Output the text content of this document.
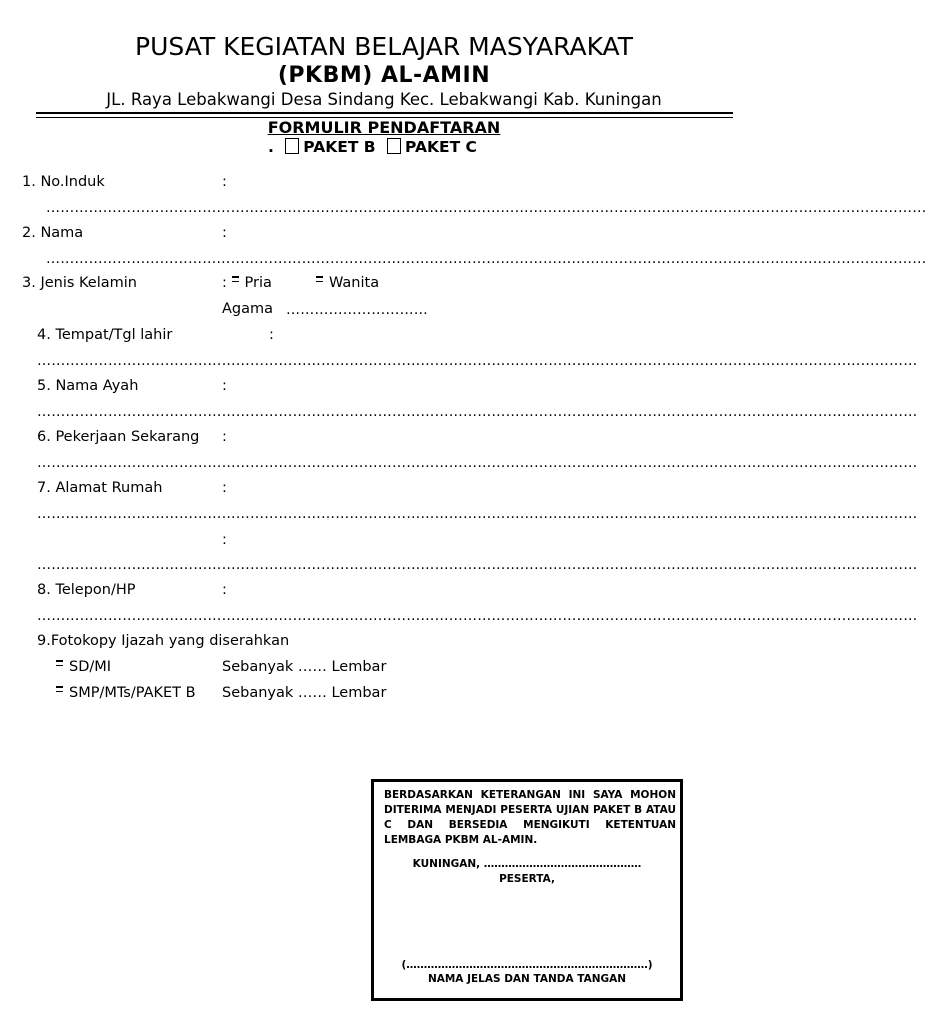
PUSAT KEGIATAN BELAJAR MASYARAKAT
(PKBM) AL-AMIN
JL. Raya Lebakwangi Desa Sindang Kec. Lebakwangi Kab. Kuningan
FORMULIR PENDAFTARAN
. PAKET B PAKET C
1. No.Induk	:
……………………………………………………………………………………………………………………………………………………………………
2. Nama	:
……………………………………………………………………………………………………………………………………………………………………
3. Jenis Kelamin	: Pria	Wanita
Agama …………………………
4. Tempat/Tgl lahir	:
……………………………………………………………………………………………………………………………………………………………………
5. Nama Ayah	:
……………………………………………………………………………………………………………………………………………………………………
6. Pekerjaan Sekarang :
……………………………………………………………………………………………………………………………………………………………………
7. Alamat Rumah	:
……………………………………………………………………………………………………………………………………………………………………
:
……………………………………………………………………………………………………………………………………………………………………
8. Telepon/HP	:
……………………………………………………………………………………………………………………………………………………………………
9.Fotokopy Ijazah yang diserahkan
SD/MI	Sebanyak …… Lembar
SMP/MTs/PAKET B Sebanyak …… Lembar
BERDASARKAN KETERANGAN INI SAYA MOHON DITERIMA MENJADI PESERTA UJIAN PAKET B ATAU C DAN BERSEDIA MENGIKUTI KETENTUAN LEMBAGA PKBM AL-AMIN.
KUNINGAN, ………………………………………
PESERTA,
(……………………………………………………………)
NAMA JELAS DAN TANDA TANGAN
